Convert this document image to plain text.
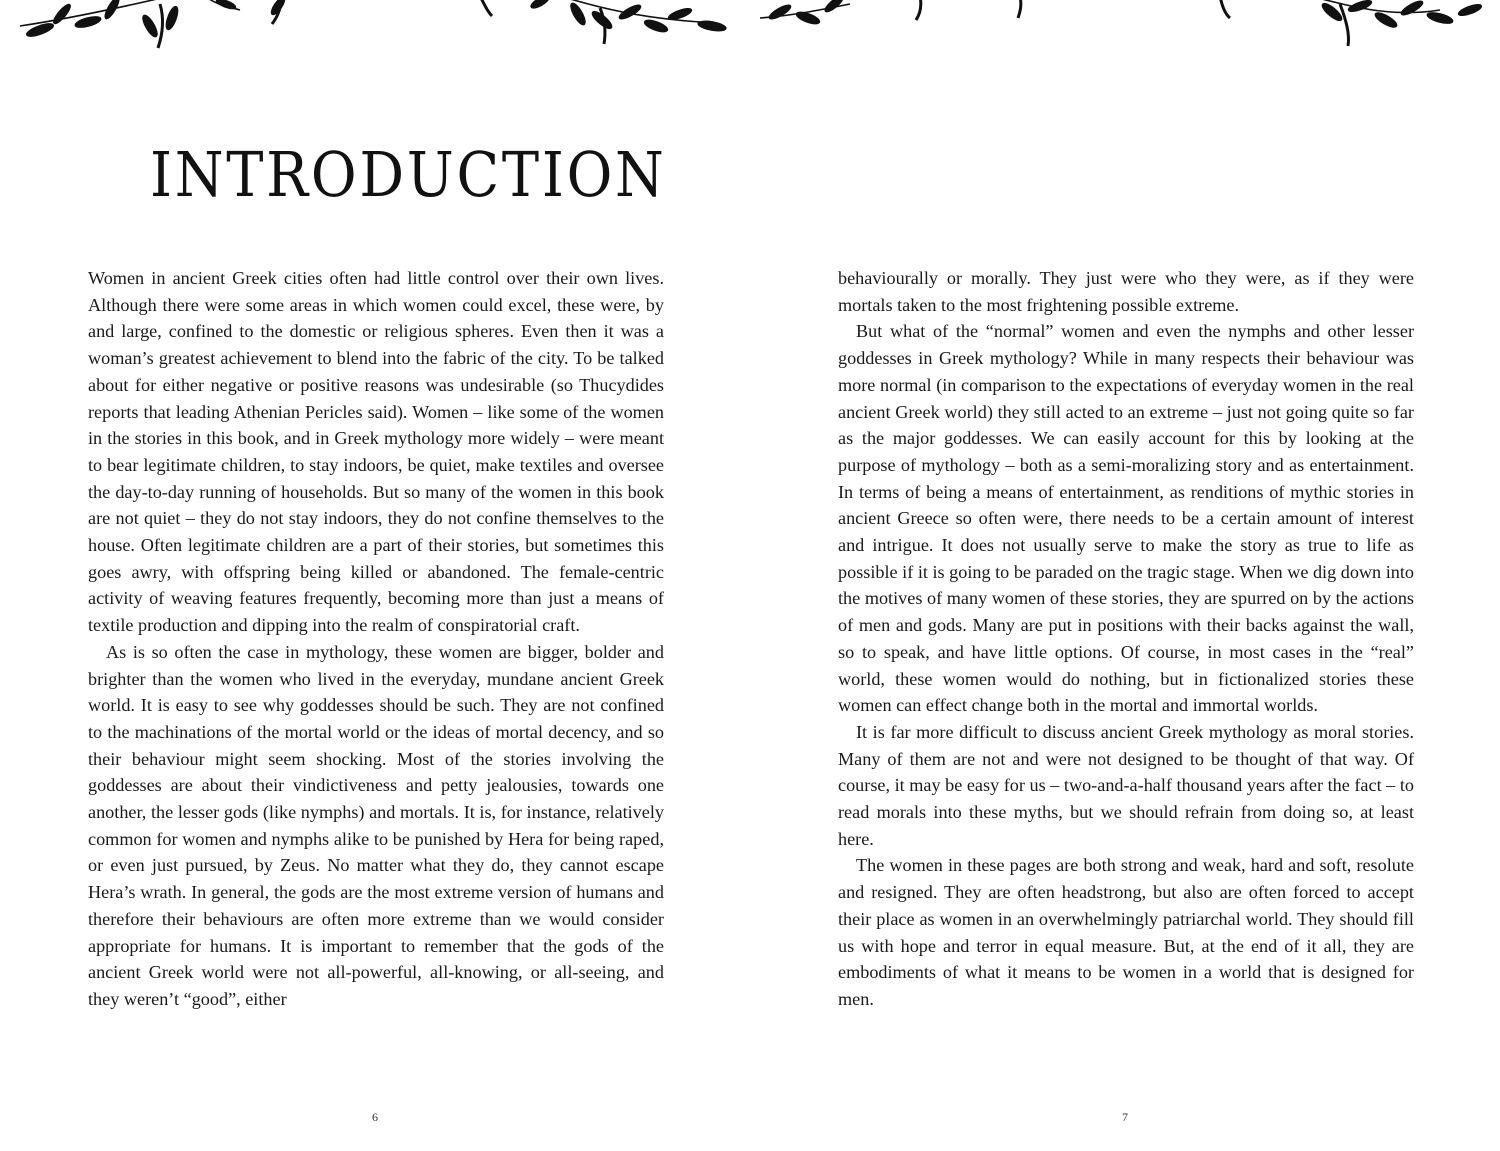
INTRODUCTION

Women in ancient Greek cities often had little control over their own lives. Although there were some areas in which women could excel, these were, by and large, confined to the domestic or religious spheres. Even then it was a woman’s greatest achievement to blend into the fabric of the city. To be talked about for either negative or positive reasons was undesirable (so Thucydides reports that leading Athenian Pericles said). Women – like some of the women in the stories in this book, and in Greek mythology more widely – were meant to bear legitimate children, to stay indoors, be quiet, make textiles and oversee the day-to-day running of households. But so many of the women in this book are not quiet – they do not stay indoors, they do not confine themselves to the house. Often legitimate children are a part of their stories, but sometimes this goes awry, with offspring being killed or abandoned. The female-centric activity of weaving features frequently, becoming more than just a means of textile production and dipping into the realm of conspiratorial craft.

As is so often the case in mythology, these women are bigger, bolder and brighter than the women who lived in the everyday, mundane ancient Greek world. It is easy to see why goddesses should be such. They are not confined to the machinations of the mortal world or the ideas of mortal decency, and so their behaviour might seem shocking. Most of the stories involving the goddesses are about their vindictiveness and petty jealousies, towards one another, the lesser gods (like nymphs) and mortals. It is, for instance, relatively common for women and nymphs alike to be punished by Hera for being raped, or even just pursued, by Zeus. No matter what they do, they cannot escape Hera’s wrath. In general, the gods are the most extreme version of humans and therefore their behaviours are often more extreme than we would consider appropriate for humans. It is important to remember that the gods of the ancient Greek world were not all-powerful, all-knowing, or all-seeing, and they weren’t “good”, either

6

behaviourally or morally. They just were who they were, as if they were mortals taken to the most frightening possible extreme.

But what of the “normal” women and even the nymphs and other lesser goddesses in Greek mythology? While in many respects their behaviour was more normal (in comparison to the expectations of everyday women in the real ancient Greek world) they still acted to an extreme – just not going quite so far as the major goddesses. We can easily account for this by looking at the purpose of mythology – both as a semi-moralizing story and as entertainment. In terms of being a means of entertainment, as renditions of mythic stories in ancient Greece so often were, there needs to be a certain amount of interest and intrigue. It does not usually serve to make the story as true to life as possible if it is going to be paraded on the tragic stage. When we dig down into the motives of many women of these stories, they are spurred on by the actions of men and gods. Many are put in positions with their backs against the wall, so to speak, and have little options. Of course, in most cases in the “real” world, these women would do nothing, but in fictionalized stories these women can effect change both in the mortal and immortal worlds.

It is far more difficult to discuss ancient Greek mythology as moral stories. Many of them are not and were not designed to be thought of that way. Of course, it may be easy for us – two-and-a-half thousand years after the fact – to read morals into these myths, but we should refrain from doing so, at least here.

The women in these pages are both strong and weak, hard and soft, resolute and resigned. They are often headstrong, but also are often forced to accept their place as women in an overwhelmingly patriarchal world. They should fill us with hope and terror in equal measure. But, at the end of it all, they are embodiments of what it means to be women in a world that is designed for men.

7
